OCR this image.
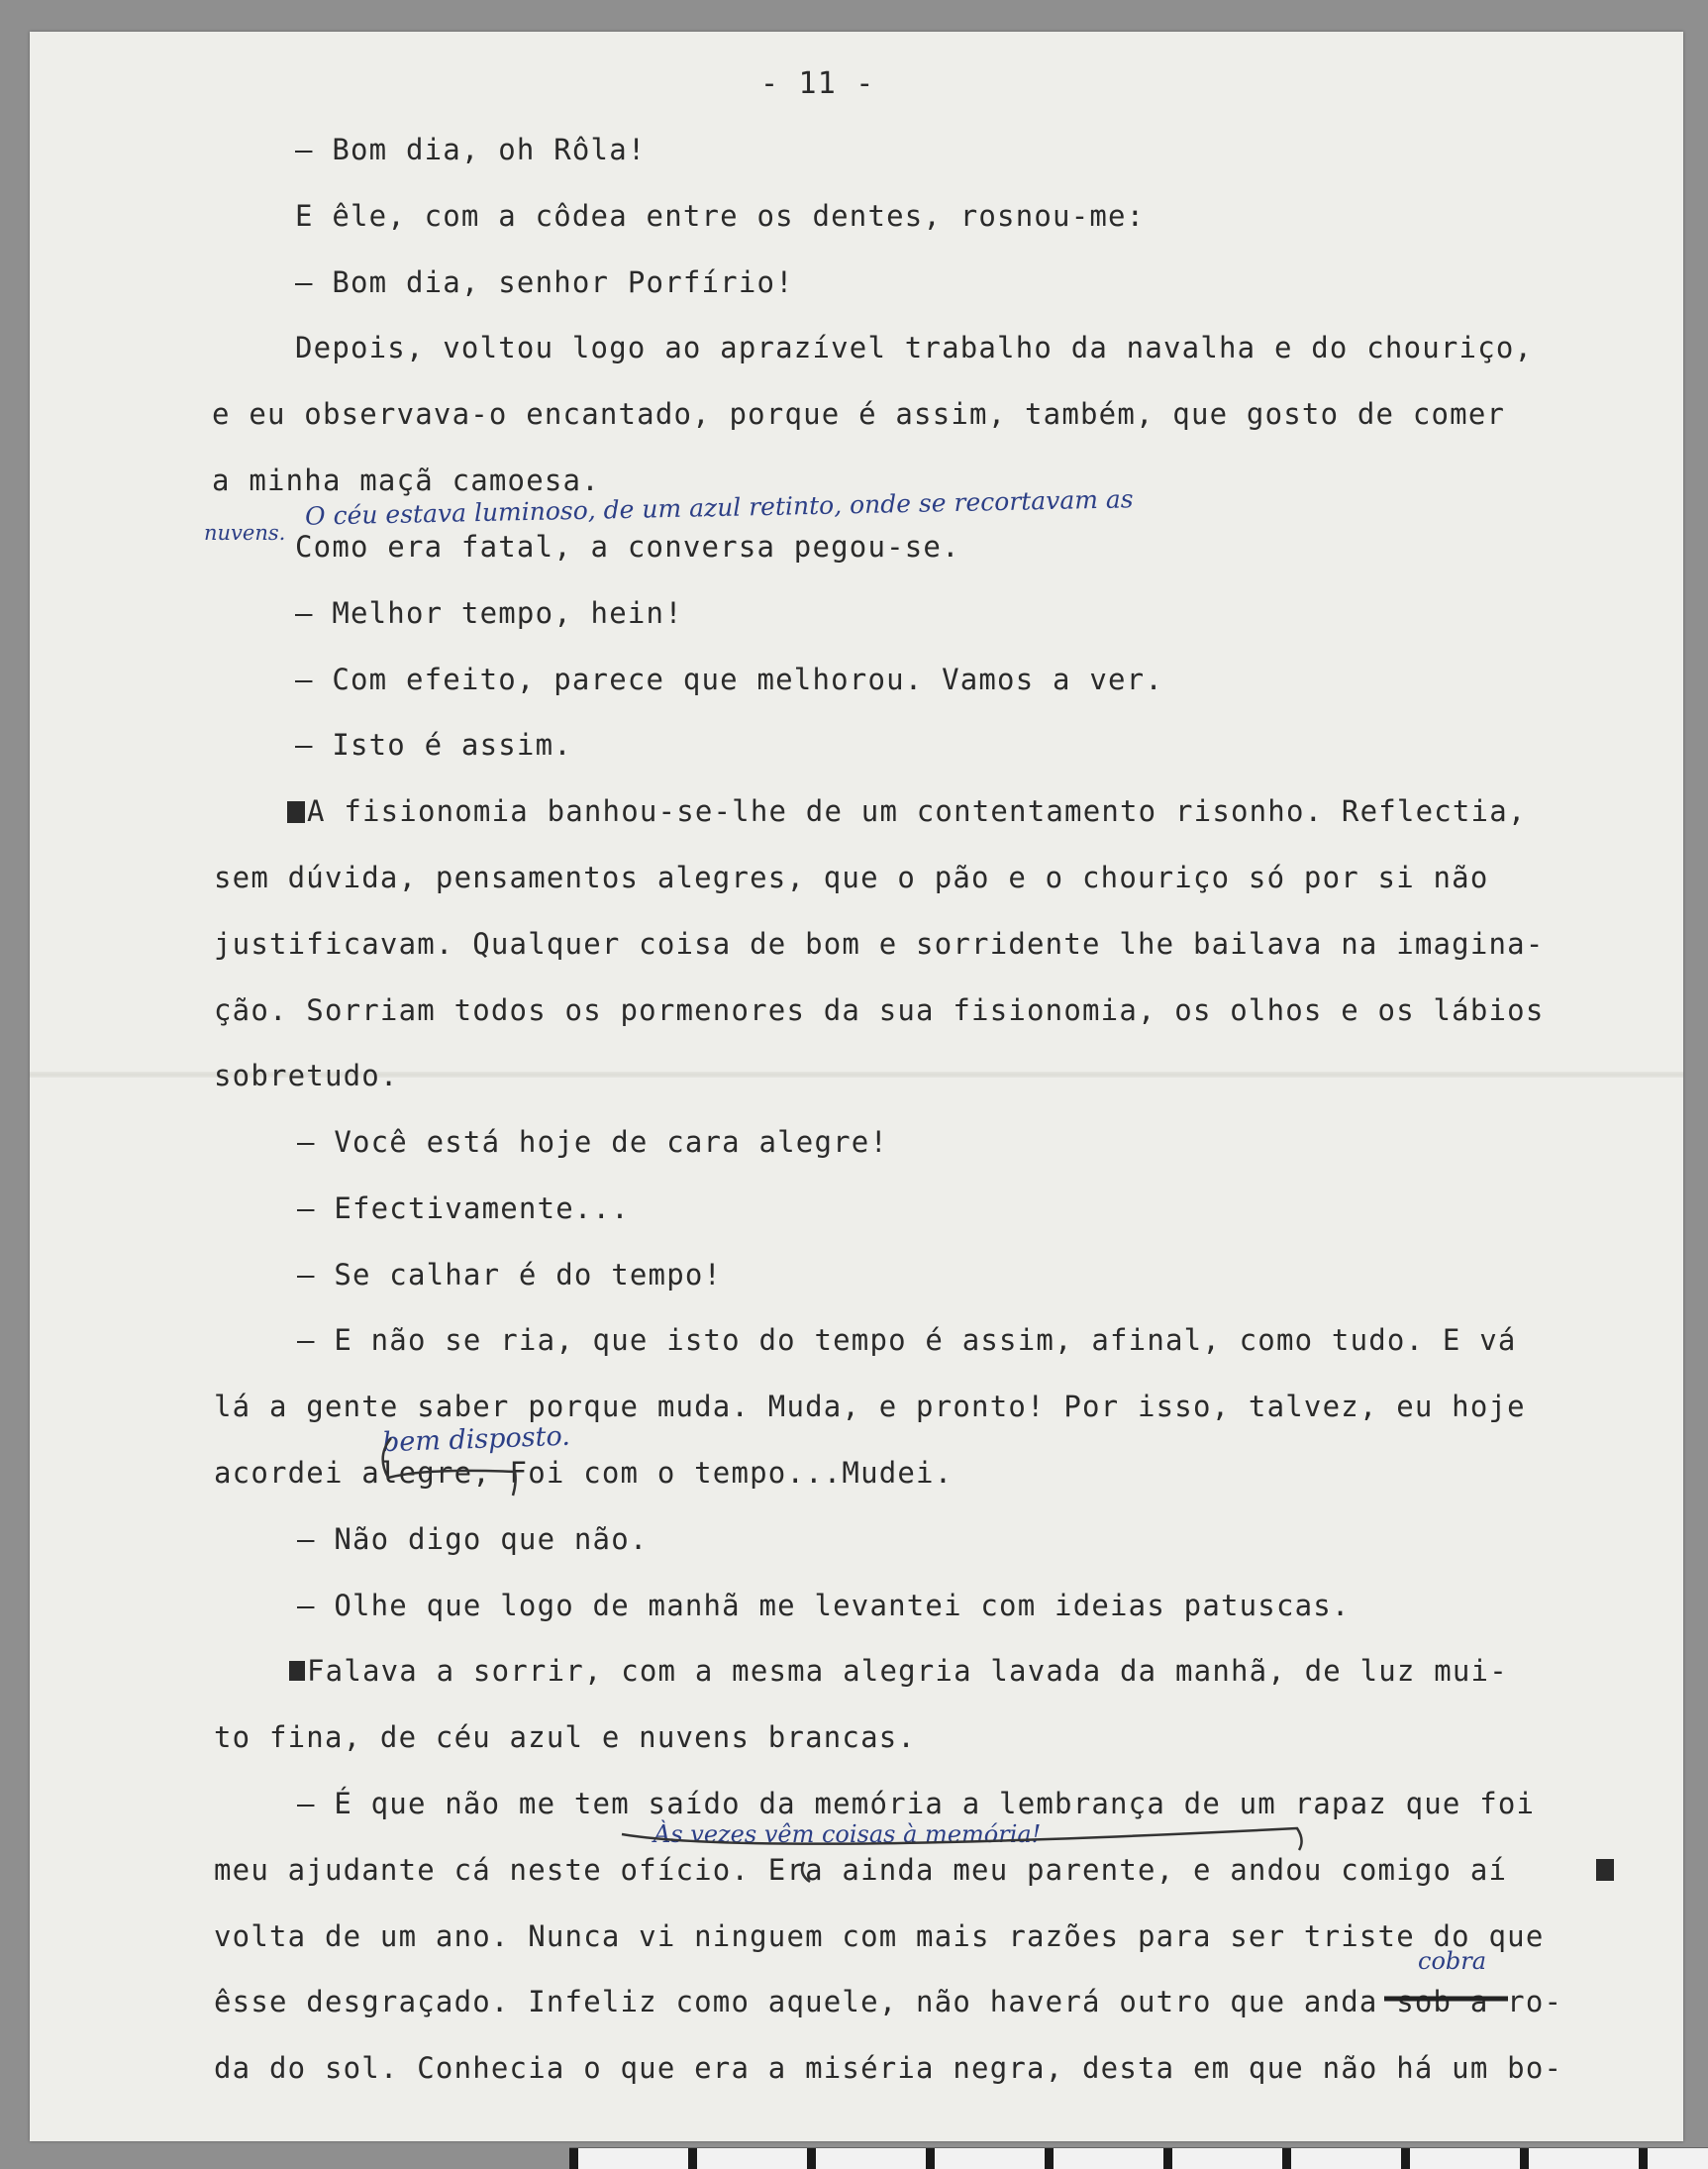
- 11 -
— Bom dia, oh Rôla!
E êle, com a côdea entre os dentes, rosnou-me:
— Bom dia, senhor Porfírio!
Depois, voltou logo ao aprazível trabalho da navalha e do chouriço,
e eu observava-o encantado, porque é assim, também, que gosto de comer
a minha maçã camoesa.
Como era fatal, a conversa pegou-se.
— Melhor tempo, hein!
— Com efeito, parece que melhorou. Vamos a ver.
— Isto é assim.
A fisionomia banhou-se-lhe de um contentamento risonho. Reflectia,
sem dúvida, pensamentos alegres, que o pão e o chouriço só por si não
justificavam. Qualquer coisa de bom e sorridente lhe bailava na imagina-
ção. Sorriam todos os pormenores da sua fisionomia, os olhos e os lábios
sobretudo.
— Você está hoje de cara alegre!
— Efectivamente...
— Se calhar é do tempo!
— E não se ria, que isto do tempo é assim, afinal, como tudo. E vá
lá a gente saber porque muda. Muda, e pronto! Por isso, talvez, eu hoje
acordei alegre, Foi com o tempo...Mudei.
— Não digo que não.
— Olhe que logo de manhã me levantei com ideias patuscas.
Falava a sorrir, com a mesma alegria lavada da manhã, de luz mui-
to fina, de céu azul e nuvens brancas.
— É que não me tem saído da memória a lembrança de um rapaz que foi
meu ajudante cá neste ofício. Era ainda meu parente, e andou comigo aí
volta de um ano. Nunca vi ninguem com mais razões para ser triste do que
êsse desgraçado. Infeliz como aquele, não haverá outro que anda sob a ro-
da do sol. Conhecia o que era a miséria negra, desta em que não há um bo-
O céu estava luminoso, de um azul retinto, onde se recortavam as
nuvens.
bem disposto.
Às vezes vêm coisas à memória!
cobra
